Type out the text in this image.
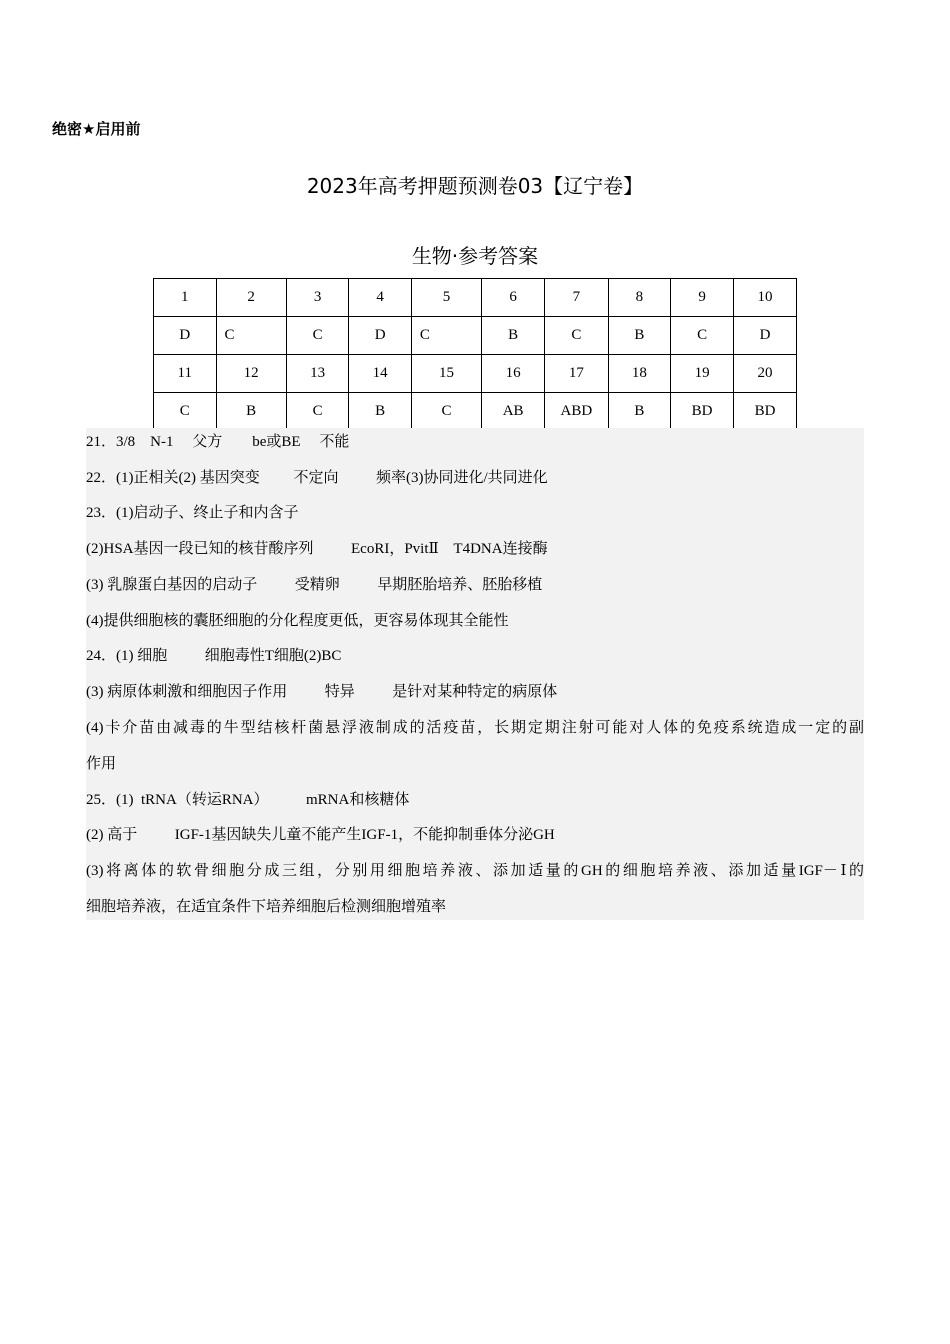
绝密★启用前
2023年高考押题预测卷03【辽宁卷】
生物·参考答案
1	2	3	4	5	6	7	8	9	10
D	C	C	D	C	B	C	B	C	D
11	12	13	14	15	16	17	18	19	20
C	B	C	B	C	AB	ABD	B	BD	BD
21．3/8    N-1     父方        be或BE     不能
22．(1)正相关(2) 基因突变         不定向          频率(3)协同进化/共同进化
23．(1)启动子、终止子和内含子
(2)HSA基因一段已知的核苷酸序列          EcoRI，PvitⅡ    T4DNA连接酶
(3) 乳腺蛋白基因的启动子          受精卵          早期胚胎培养、胚胎移植
(4)提供细胞核的囊胚细胞的分化程度更低，更容易体现其全能性
24．(1) 细胞          细胞毒性T细胞(2)BC
(3) 病原体刺激和细胞因子作用          特异          是针对某种特定的病原体
(4)卡介苗由减毒的牛型结核杆菌悬浮液制成的活疫苗，长期定期注射可能对人体的免疫系统造成一定的副
作用
25．(1)  tRNA（转运RNA）          mRNA和核糖体
(2) 高于          IGF-1基因缺失儿童不能产生IGF-1，不能抑制垂体分泌GH
(3)将离体的软骨细胞分成三组，分别用细胞培养液、添加适量的GH的细胞培养液、添加适量IGF－Ⅰ的
细胞培养液，在适宜条件下培养细胞后检测细胞增殖率
